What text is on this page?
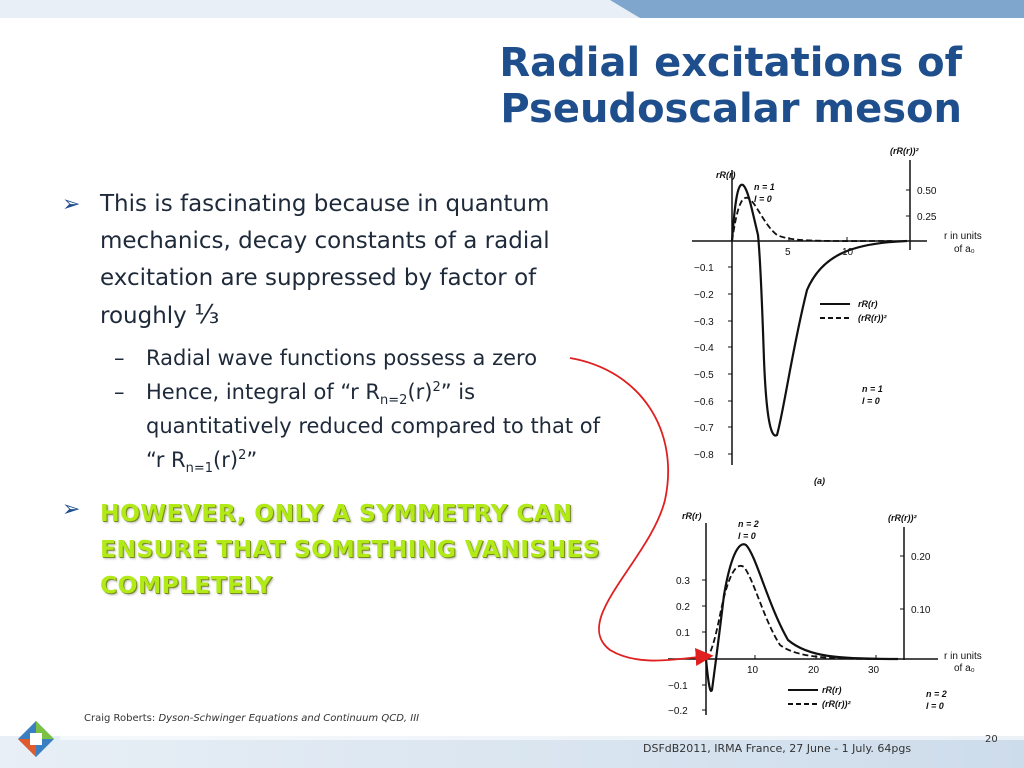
Radial excitations of
Pseudoscalar meson
➢ This is fascinating because in quantum mechanics, decay constants of a radial excitation are suppressed by factor of roughly ⅓
– Radial wave functions possess a zero
– Hence, integral of “r $R_{n=2}(r)^2$” is quantitatively reduced compared to that of “r $R_{n=1}(r)^2$”
➢ HOWEVER, ONLY A SYMMETRY CAN ENSURE THAT SOMETHING VANISHES COMPLETELY
−0.1
−0.2
−0.3
−0.4
−0.5
−0.6
−0.7
−0.8
5	10
0.50
0.25
rR(r)
(rR(r))²
n = 1
l = 0
r in units
of a₀
rR(r)
(rR(r))²
n = 1
l = 0
(a)
0.3
0.2
0.1
−0.1
−0.2
10	20	30
0.20
0.10
rR(r)	(rR(r))²
n = 2
l = 0
r in units
of a₀
rR(r)
(rR(r))²
n = 2
l = 0
Craig Roberts: Dyson-Schwinger Equations and Continuum QCD, III
DSFdB2011, IRMA France, 27 June - 1 July. 64pgs
20
